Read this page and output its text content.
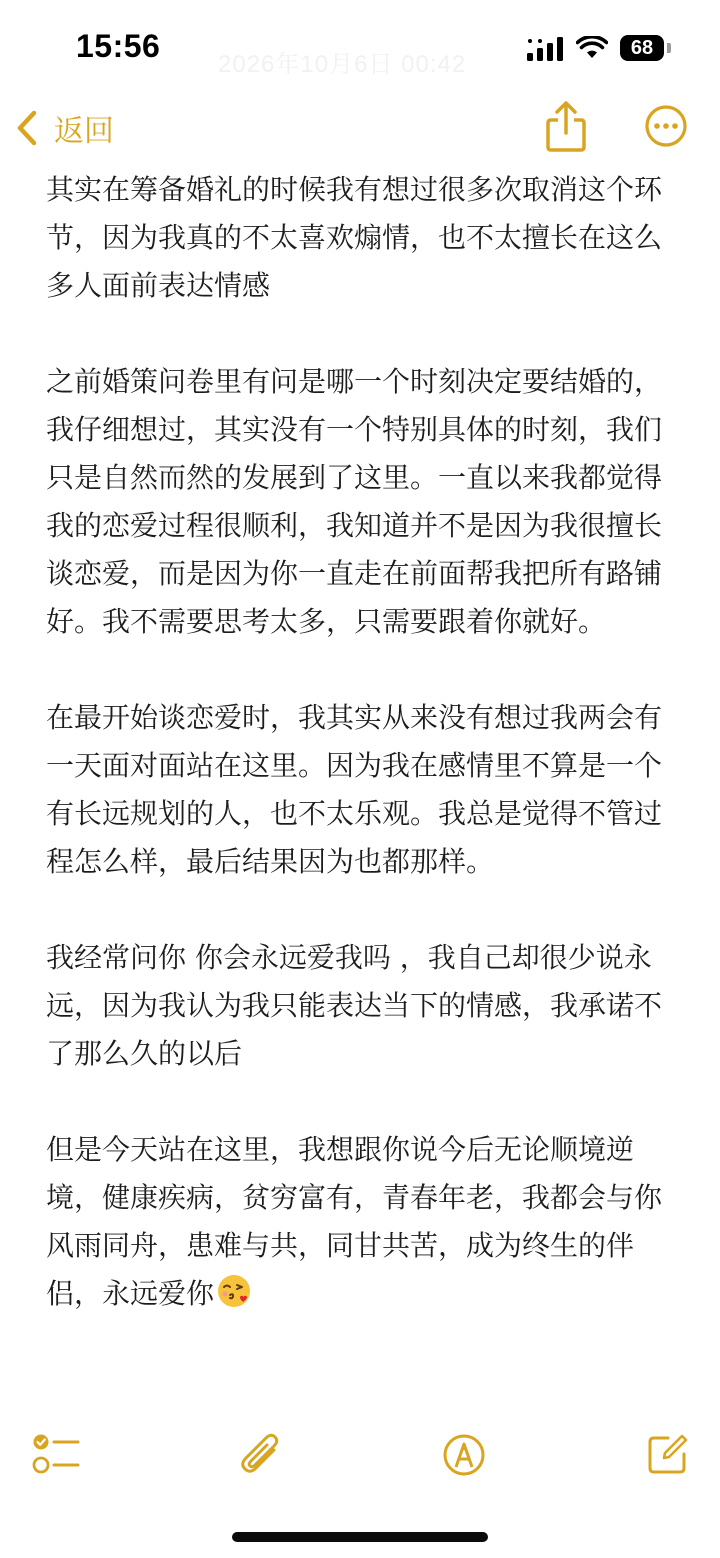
15:56
2026年10月6日 00:42
68
返回

其实在筹备婚礼的时候我有想过很多次取消这个环节，因为我真的不太喜欢煽情，也不太擅长在这么多人面前表达情感

之前婚策问卷里有问是哪一个时刻决定要结婚的，我仔细想过，其实没有一个特别具体的时刻，我们只是自然而然的发展到了这里。一直以来我都觉得我的恋爱过程很顺利，我知道并不是因为我很擅长谈恋爱，而是因为你一直走在前面帮我把所有路铺好。我不需要思考太多，只需要跟着你就好。

在最开始谈恋爱时，我其实从来没有想过我两会有一天面对面站在这里。因为我在感情里不算是一个有长远规划的人，也不太乐观。我总是觉得不管过程怎么样，最后结果因为也都那样。

我经常问你 你会永远爱我吗 ，我自己却很少说永远，因为我认为我只能表达当下的情感，我承诺不了那么久的以后

但是今天站在这里，我想跟你说今后无论顺境逆境，健康疾病，贫穷富有，青春年老，我都会与你风雨同舟，患难与共，同甘共苦，成为终生的伴侣，永远爱你
